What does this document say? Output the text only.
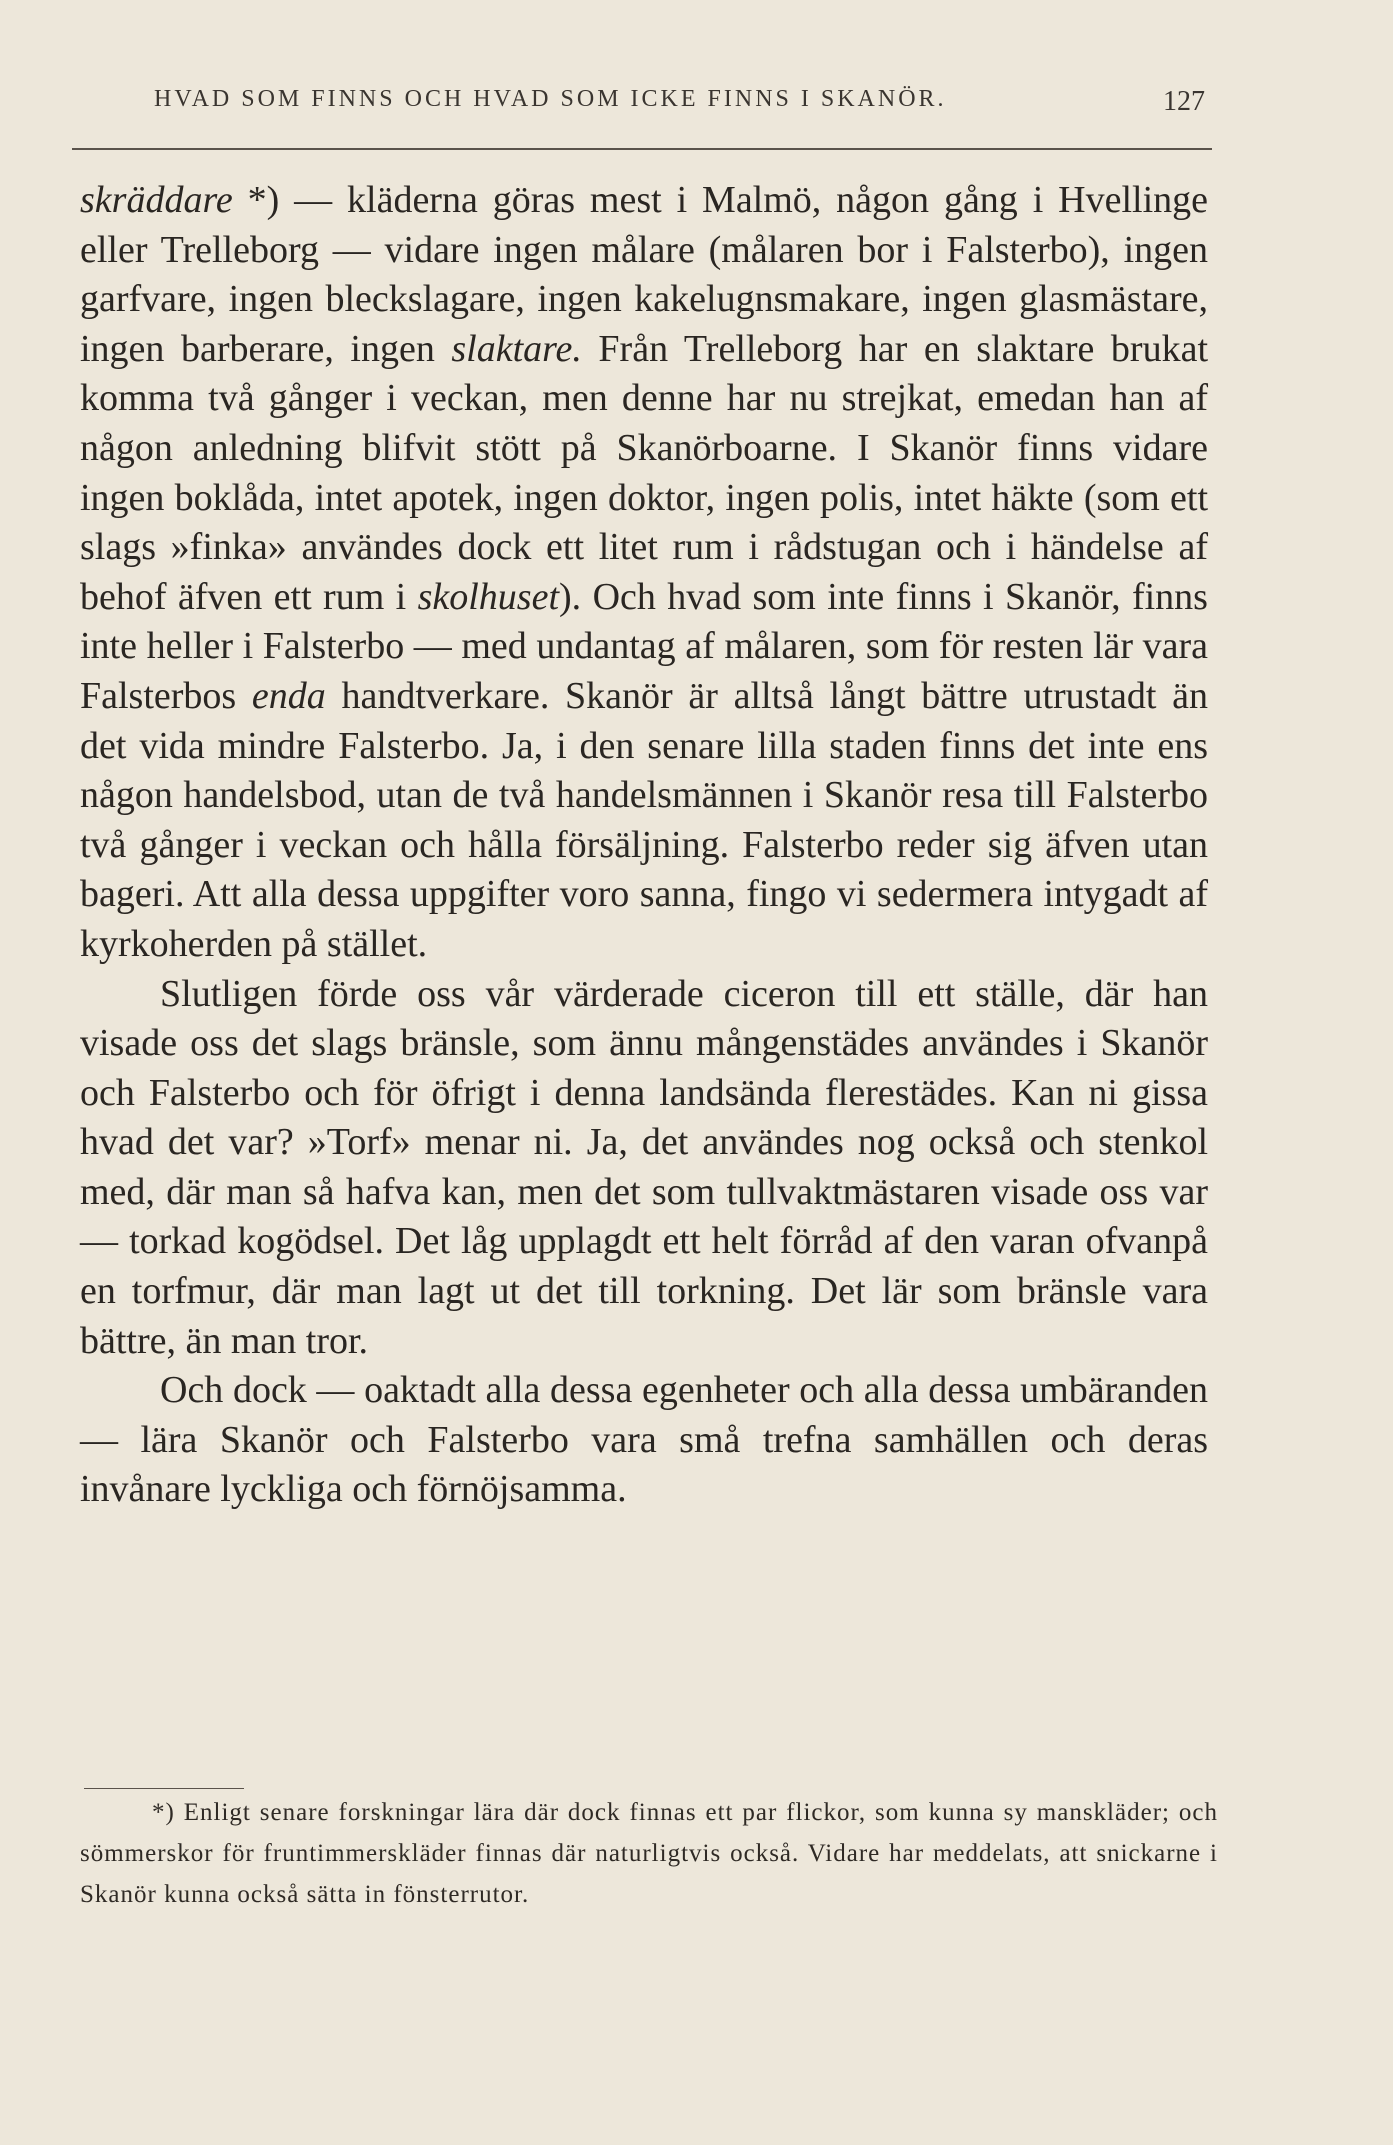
HVAD SOM FINNS OCH HVAD SOM ICKE FINNS I SKANÖR.	127

skräddare *) — kläderna göras mest i Malmö, någon gång i Hvellinge eller Trelleborg — vidare ingen målare (målaren bor i Falsterbo), ingen garfvare, ingen bleckslagare, ingen kakelugnsmakare, ingen glasmästare, ingen barberare, ingen slaktare. Från Trelleborg har en slaktare brukat komma två gånger i veckan, men denne har nu strejkat, emedan han af någon anledning blifvit stött på Skanörboarne. I Skanör finns vidare ingen boklåda, intet apotek, ingen doktor, ingen polis, intet häkte (som ett slags »finka» användes dock ett litet rum i rådstugan och i händelse af behof äfven ett rum i skolhuset). Och hvad som inte finns i Skanör, finns inte heller i Falsterbo — med undantag af målaren, som för resten lär vara Falsterbos enda handtverkare. Skanör är alltså långt bättre utrustadt än det vida mindre Falsterbo. Ja, i den senare lilla staden finns det inte ens någon handelsbod, utan de två handelsmännen i Skanör resa till Falsterbo två gånger i veckan och hålla försäljning. Falsterbo reder sig äfven utan bageri. Att alla dessa uppgifter voro sanna, fingo vi sedermera intygadt af kyrkoherden på stället.

Slutligen förde oss vår värderade ciceron till ett ställe, där han visade oss det slags bränsle, som ännu mångenstädes användes i Skanör och Falsterbo och för öfrigt i denna landsända flerestädes. Kan ni gissa hvad det var? »Torf» menar ni. Ja, det användes nog också och stenkol med, där man så hafva kan, men det som tullvaktmästaren visade oss var — torkad kogödsel. Det låg upplagdt ett helt förråd af den varan ofvanpå en torfmur, där man lagt ut det till torkning. Det lär som bränsle vara bättre, än man tror.

Och dock — oaktadt alla dessa egenheter och alla dessa umbäranden — lära Skanör och Falsterbo vara små trefna samhällen och deras invånare lyckliga och förnöjsamma.

*) Enligt senare forskningar lära där dock finnas ett par flickor, som kunna sy manskläder; och sömmerskor för fruntimmerskläder finnas där naturligtvis också. Vidare har meddelats, att snickarne i Skanör kunna också sätta in fönsterrutor.
